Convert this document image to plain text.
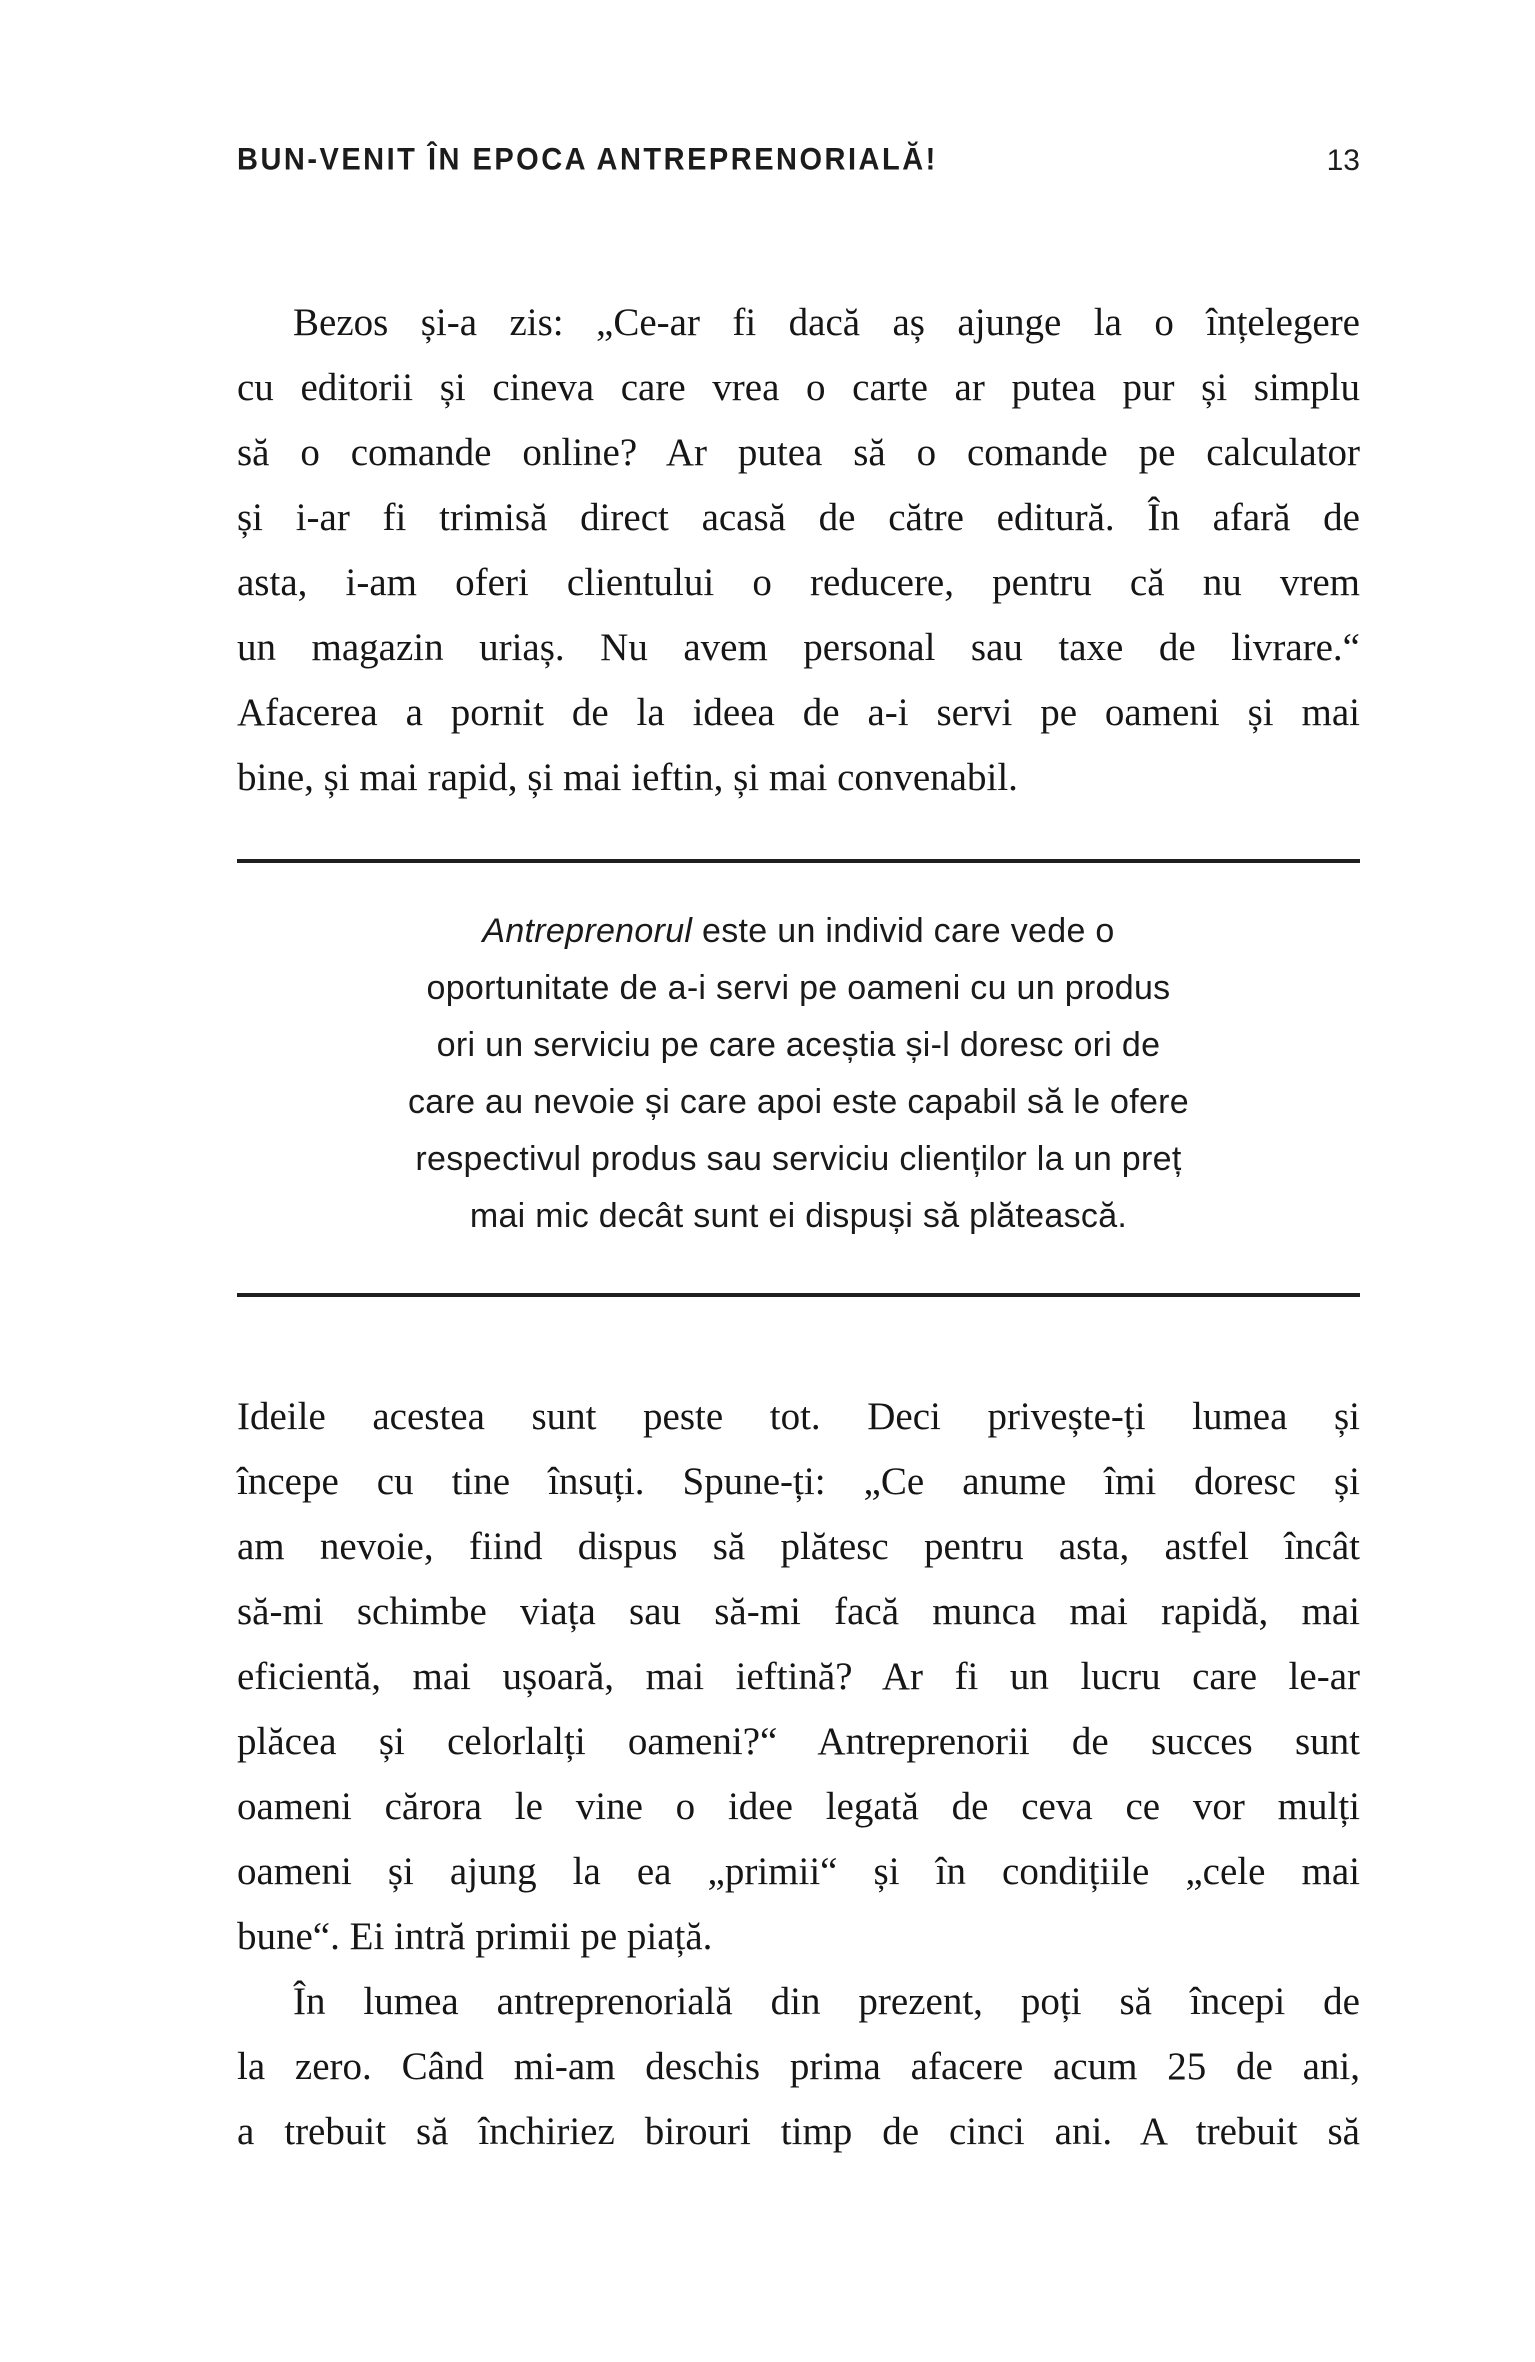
BUN-VENIT ÎN EPOCA ANTREPRENORIALĂ!	13
Bezos și-a zis: „Ce-ar fi dacă aș ajunge la o înțelegere
cu editorii și cineva care vrea o carte ar putea pur și simplu
să o comande online? Ar putea să o comande pe calculator
și i-ar fi trimisă direct acasă de către editură. În afară de
asta, i-am oferi clientului o reducere, pentru că nu vrem
un magazin uriaș. Nu avem personal sau taxe de livrare.“
Afacerea a pornit de la ideea de a-i servi pe oameni și mai
bine, și mai rapid, și mai ieftin, și mai convenabil.
Antreprenorul este un individ care vede o
oportunitate de a-i servi pe oameni cu un produs
ori un serviciu pe care aceștia și-l doresc ori de
care au nevoie și care apoi este capabil să le ofere
respectivul produs sau serviciu clienților la un preț
mai mic decât sunt ei dispuși să plătească.
Ideile acestea sunt peste tot. Deci privește-ți lumea și
începe cu tine însuți. Spune-ți: „Ce anume îmi doresc și
am nevoie, fiind dispus să plătesc pentru asta, astfel încât
să-mi schimbe viața sau să-mi facă munca mai rapidă, mai
eficientă, mai ușoară, mai ieftină? Ar fi un lucru care le-ar
plăcea și celorlalți oameni?“ Antreprenorii de succes sunt
oameni cărora le vine o idee legată de ceva ce vor mulți
oameni și ajung la ea „primii“ și în condițiile „cele mai
bune“. Ei intră primii pe piață.
În lumea antreprenorială din prezent, poți să începi de
la zero. Când mi-am deschis prima afacere acum 25 de ani,
a trebuit să închiriez birouri timp de cinci ani. A trebuit să
